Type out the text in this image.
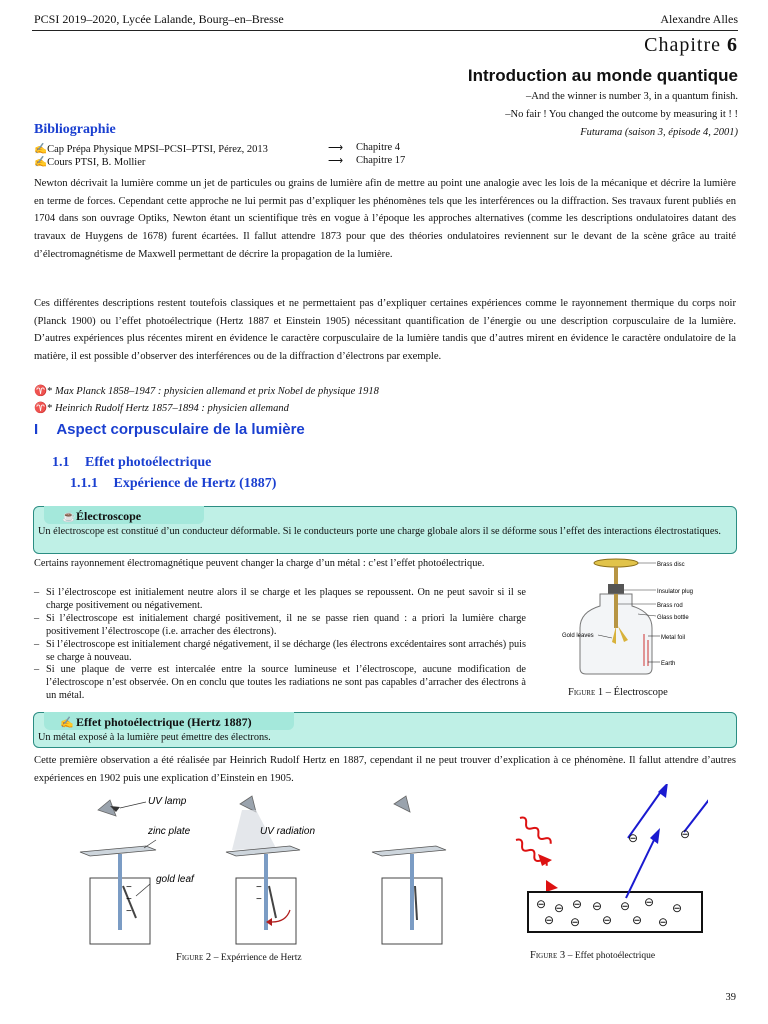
PCSI 2019–2020, Lycée Lalande, Bourg–en–Bresse	Alexandre Alles
Chapitre 6
Introduction au monde quantique
–And the winner is number 3, in a quantum finish.
–No fair ! You changed the outcome by measuring it ! !
Futurama (saison 3, épisode 4, 2001)
Bibliographie
✍Cap Prépa Physique MPSI–PCSI–PTSI, Pérez, 2013	⟶ Chapitre 4
✍Cours PTSI, B. Mollier	⟶ Chapitre 17

Newton décrivait la lumière comme un jet de particules ou grains de lumière afin de mettre au point une analogie avec les lois de la mécanique et décrire la lumière en terme de forces. Cependant cette approche ne lui permit pas d’expliquer les phénomènes tels que les interférences ou la diffraction. Ses travaux furent publiés en 1704 dans son ouvrage Optiks, Newton étant un scientifique très en vogue à l’époque les approches alternatives (comme les descriptions ondulatoires datant des travaux de Huygens de 1678) furent écartées. Il fallut attendre 1873 pour que des théories ondulatoires reviennent sur le devant de la scène grâce au traité d’électromagnétisme de Maxwell permettant de décrire la propagation de la lumière.

Ces différentes descriptions restent toutefois classiques et ne permettaient pas d’expliquer certaines expériences comme le rayonnement thermique du corps noir (Planck 1900) ou l’effet photoélectrique (Hertz 1887 et Einstein 1905) nécessitant quantification de l’énergie ou une description corpusculaire de la lumière. D’autres expériences plus récentes mirent en évidence le caractère corpusculaire de la lumière tandis que d’autres mirent en évidence le caractère ondulatoire de la matière, il est possible d’observer des interférences ou de la diffraction d’électrons par exemple.

♈* Max Planck 1858–1947 : physicien allemand et prix Nobel de physique 1918
♈* Heinrich Rudolf Hertz 1857–1894 : physicien allemand
I Aspect corpusculaire de la lumière
1.1 Effet photoélectrique
1.1.1 Expérience de Hertz (1887)
☕ Électroscope
Un électroscope est constitué d’un conducteur déformable. Si le conducteurs porte une charge globale alors il se déforme sous l’effet des interactions électrostatiques.
Certains rayonnement électromagnétique peuvent changer la charge d’un métal : c’est l’effet photoélectrique.
– Si l’électroscope est initialement neutre alors il se charge et les plaques se repoussent. On ne peut savoir si il se charge positivement ou négativement.
– Si l’électroscope est initialement chargé positivement, il ne se passe rien quand : a priori la lumière charge positivement l’électroscope (i.e. arracher des électrons).
– Si l’électroscope est initialement chargé négativement, il se décharge (les électrons excédentaires sont arrachés) puis se charge à nouveau.
– Si une plaque de verre est intercalée entre la source lumineuse et l’électroscope, aucune modification de l’électroscope n’est observée. On en conclu que toutes les radiations ne sont pas capables d’arracher des électrons à un métal.
Brass disc
Insulator plug
Brass rod
Glass bottle
Gold leaves	Metal foil
Earth
Figure 1 – Électroscope
✍ Effet photoélectrique (Hertz 1887)
Un métal exposé à la lumière peut émettre des électrons.

Cette première observation a été réalisée par Heinrich Rudolf Hertz en 1887, cependant il ne peut trouver d’explication à ce phénomène. Il fallut attendre d’autres expériences en 1902 puis une explication d’Einstein en 1905.

UV lamp
zinc plate
gold leaf
−
−
−
UV radiation
−
−
Figure 2 – Expérrience de Hertz
⊖	⊖
⊖ ⊖ ⊖ ⊖ ⊖ ⊖ ⊖
⊖ ⊖ ⊖ ⊖ ⊖
Figure 3 – Effet photoélectrique
39
